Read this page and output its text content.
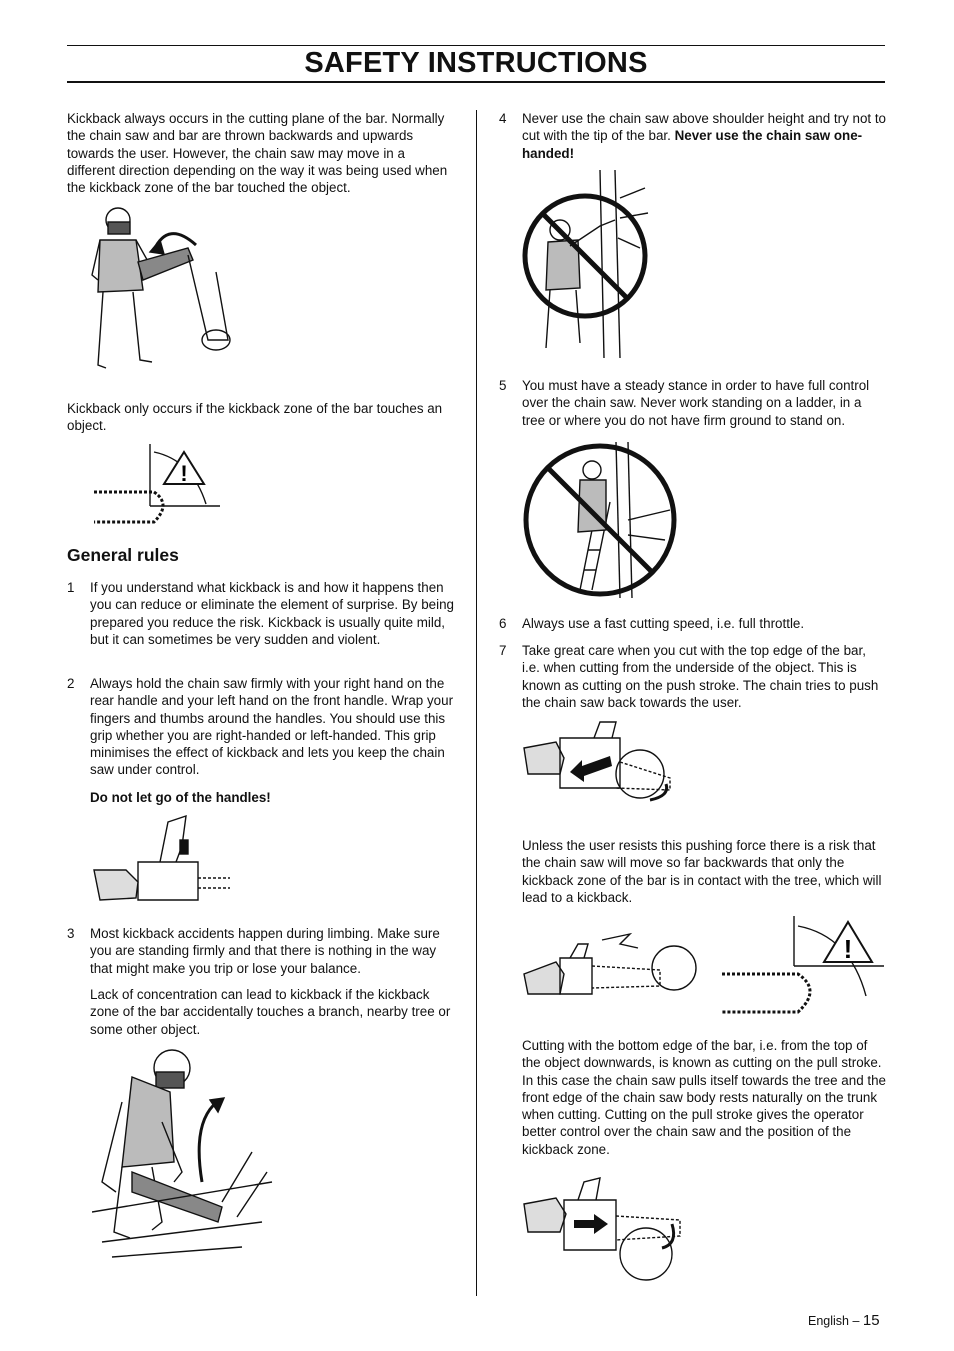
SAFETY INSTRUCTIONS

Kickback always occurs in the cutting plane of the bar. Normally the chain saw and bar are thrown backwards and upwards towards the user. However, the chain saw may move in a different direction depending on the way it was being used when the kickback zone of the bar touched the object.

Kickback only occurs if the kickback zone of the bar touches an object.

!
General rules
1 If you understand what kickback is and how it happens then you can reduce or eliminate the element of surprise. By being prepared you reduce the risk. Kickback is usually quite mild, but it can sometimes be very sudden and violent.

2 Always hold the chain saw firmly with your right hand on the rear handle and your left hand on the front handle. Wrap your fingers and thumbs around the handles. You should use this grip whether you are right-handed or left-handed. This grip minimises the effect of kickback and lets you keep the chain saw under control.

Do not let go of the handles!

3 Most kickback accidents happen during limbing. Make sure you are standing firmly and that there is nothing in the way that might make you trip or lose your balance.

Lack of concentration can lead to kickback if the kickback zone of the bar accidentally touches a branch, nearby tree or some other object.

4 Never use the chain saw above shoulder height and try not to cut with the tip of the bar. Never use the chain saw one-handed!

5 You must have a steady stance in order to have full control over the chain saw. Never work standing on a ladder, in a tree or where you do not have firm ground to stand on.

6 Always use a fast cutting speed, i.e. full throttle.

7 Take great care when you cut with the top edge of the bar, i.e. when cutting from the underside of the object. This is known as cutting on the push stroke. The chain tries to push the chain saw back towards the user.

Unless the user resists this pushing force there is a risk that the chain saw will move so far backwards that only the kickback zone of the bar is in contact with the tree, which will lead to a kickback.

!

Cutting with the bottom edge of the bar, i.e. from the top of the object downwards, is known as cutting on the pull stroke. In this case the chain saw pulls itself towards the tree and the front edge of the chain saw body rests naturally on the trunk when cutting. Cutting on the pull stroke gives the operator better control over the chain saw and the position of the kickback zone.

English – 15
